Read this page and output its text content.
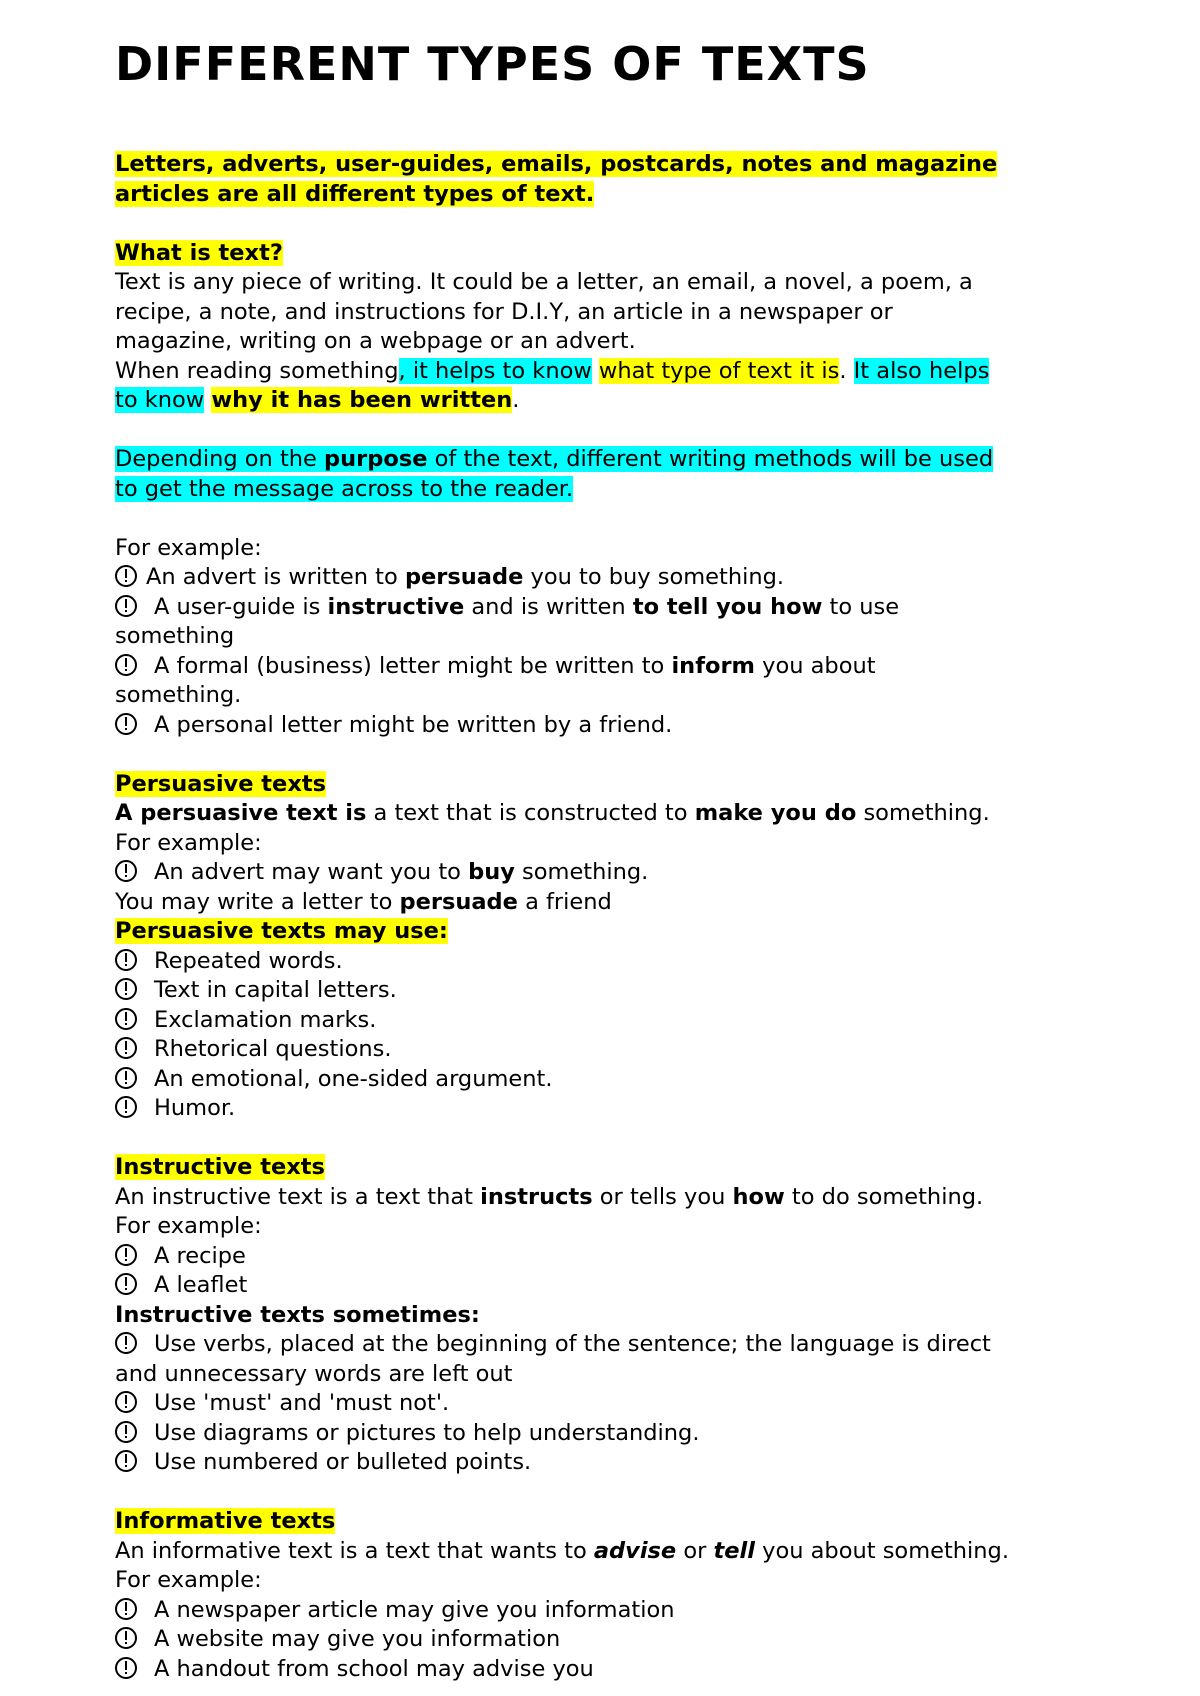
DIFFERENT TYPES OF TEXTS
Letters, adverts, user-guides, emails, postcards, notes and magazine
articles are all different types of text.
What is text?
Text is any piece of writing. It could be a letter, an email, a novel, a poem, a
recipe, a note, and instructions for D.I.Y, an article in a newspaper or
magazine, writing on a webpage or an advert.
When reading something, it helps to know what type of text it is. It also helps
to know why it has been written.
Depending on the purpose of the text, different writing methods will be used
to get the message across to the reader.
For example:
An advert is written to persuade you to buy something.
A user-guide is instructive and is written to tell you how to use
something
A formal (business) letter might be written to inform you about
something.
A personal letter might be written by a friend.
Persuasive texts
A persuasive text is a text that is constructed to make you do something.
For example:
An advert may want you to buy something.
You may write a letter to persuade a friend
Persuasive texts may use:
Repeated words.
Text in capital letters.
Exclamation marks.
Rhetorical questions.
An emotional, one-sided argument.
Humor.
Instructive texts
An instructive text is a text that instructs or tells you how to do something.
For example:
A recipe
A leaflet
Instructive texts sometimes:
Use verbs, placed at the beginning of the sentence; the language is direct
and unnecessary words are left out
Use 'must' and 'must not'.
Use diagrams or pictures to help understanding.
Use numbered or bulleted points.
Informative texts
An informative text is a text that wants to advise or tell you about something.
For example:
A newspaper article may give you information
A website may give you information
A handout from school may advise you
